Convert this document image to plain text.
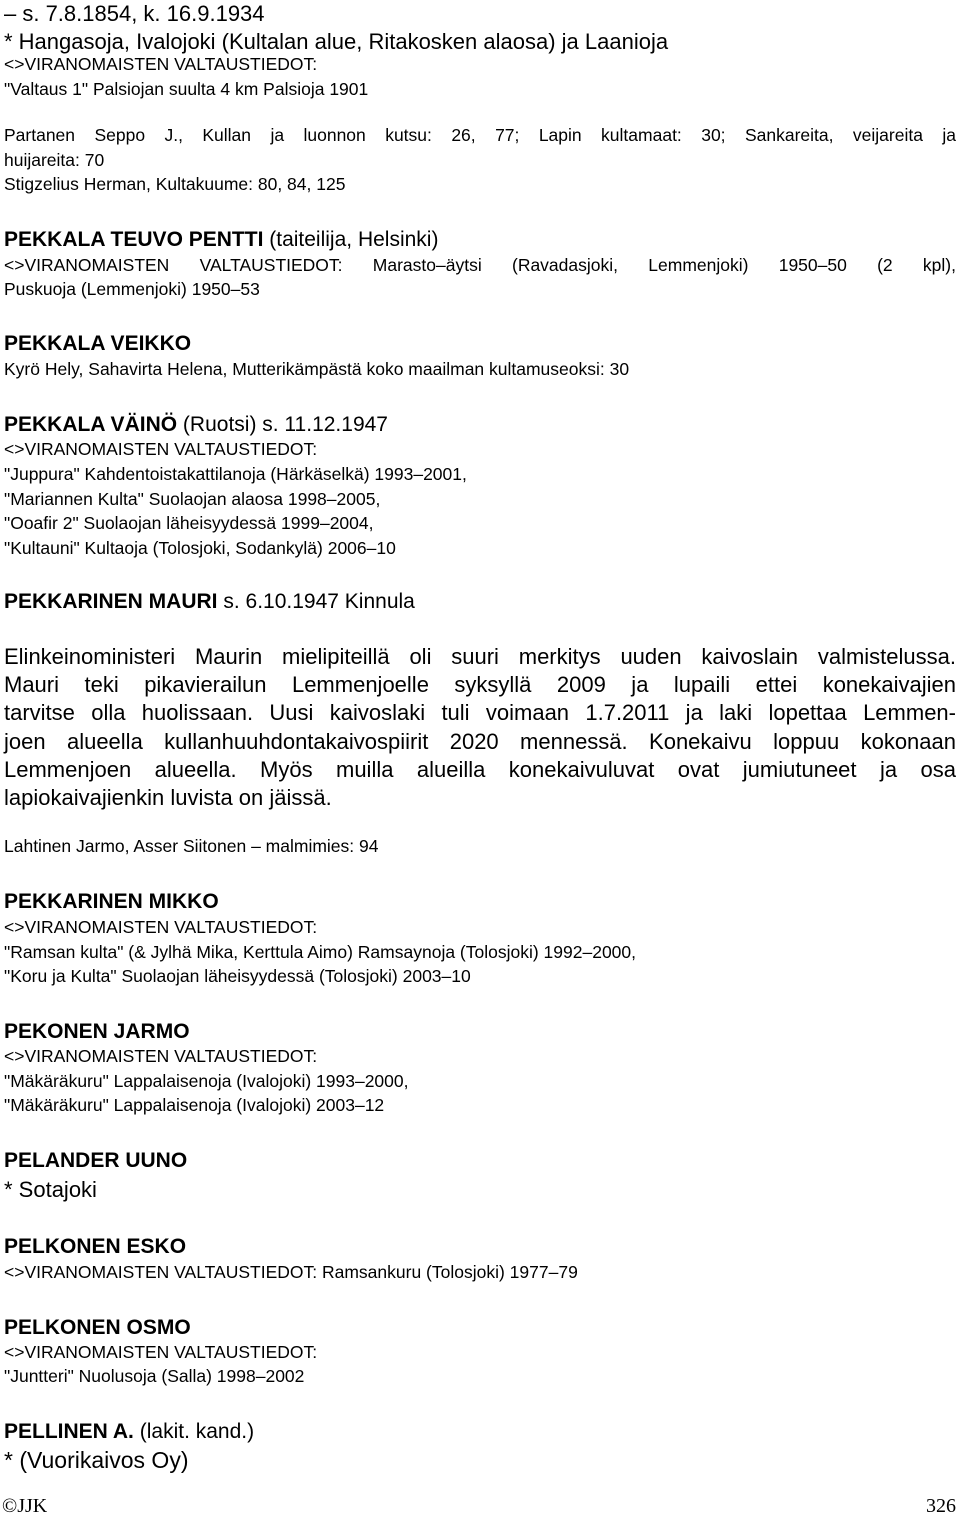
– s. 7.8.1854, k. 16.9.1934
* Hangasoja, Ivalojoki (Kultalan alue, Ritakosken alaosa) ja Laanioja
<>VIRANOMAISTEN VALTAUSTIEDOT:
"Valtaus 1" Palsiojan suulta 4 km Palsioja 1901
Partanen Seppo J., Kullan ja luonnon kutsu: 26, 77; Lapin kultamaat: 30; Sankareita, veijareita ja
huijareita: 70
Stigzelius Herman, Kultakuume: 80, 84, 125
PEKKALA TEUVO PENTTI (taiteilija, Helsinki)
<>VIRANOMAISTEN VALTAUSTIEDOT: Marasto–äytsi (Ravadasjoki, Lemmenjoki) 1950–50 (2 kpl),
Puskuoja (Lemmenjoki) 1950–53
PEKKALA VEIKKO
Kyrö Hely, Sahavirta Helena, Mutterikämpästä koko maailman kultamuseoksi: 30
PEKKALA VÄINÖ (Ruotsi) s. 11.12.1947
<>VIRANOMAISTEN VALTAUSTIEDOT:
"Juppura" Kahdentoistakattilanoja (Härkäselkä) 1993–2001,
"Mariannen Kulta" Suolaojan alaosa 1998–2005,
"Ooafir 2" Suolaojan läheisyydessä 1999–2004,
"Kultauni" Kultaoja (Tolosjoki, Sodankylä) 2006–10
PEKKARINEN MAURI s. 6.10.1947 Kinnula
Elinkeinoministeri Maurin mielipiteillä oli suuri merkitys uuden kaivoslain valmistelussa.
Mauri teki pikavierailun Lemmenjoelle syksyllä 2009 ja lupaili ettei konekaivajien
tarvitse olla huolissaan. Uusi kaivoslaki tuli voimaan 1.7.2011 ja laki lopettaa Lemmen-
joen alueella kullanhuuhdontakaivospiirit 2020 mennessä. Konekaivu loppuu kokonaan
Lemmenjoen alueella. Myös muilla alueilla konekaivuluvat ovat jumiutuneet ja osa
lapiokaivajienkin luvista on jäissä.
Lahtinen Jarmo, Asser Siitonen – malmimies: 94
PEKKARINEN MIKKO
<>VIRANOMAISTEN VALTAUSTIEDOT:
"Ramsan kulta" (& Jylhä Mika, Kerttula Aimo) Ramsaynoja (Tolosjoki) 1992–2000,
"Koru ja Kulta" Suolaojan läheisyydessä (Tolosjoki) 2003–10
PEKONEN JARMO
<>VIRANOMAISTEN VALTAUSTIEDOT:
"Mäkäräkuru" Lappalaisenoja (Ivalojoki) 1993–2000,
"Mäkäräkuru" Lappalaisenoja (Ivalojoki) 2003–12
PELANDER UUNO
* Sotajoki
PELKONEN ESKO
<>VIRANOMAISTEN VALTAUSTIEDOT: Ramsankuru (Tolosjoki) 1977–79
PELKONEN OSMO
<>VIRANOMAISTEN VALTAUSTIEDOT:
"Juntteri" Nuolusoja (Salla) 1998–2002
PELLINEN A. (lakit. kand.)
* (Vuorikaivos Oy)
©JJK	326
